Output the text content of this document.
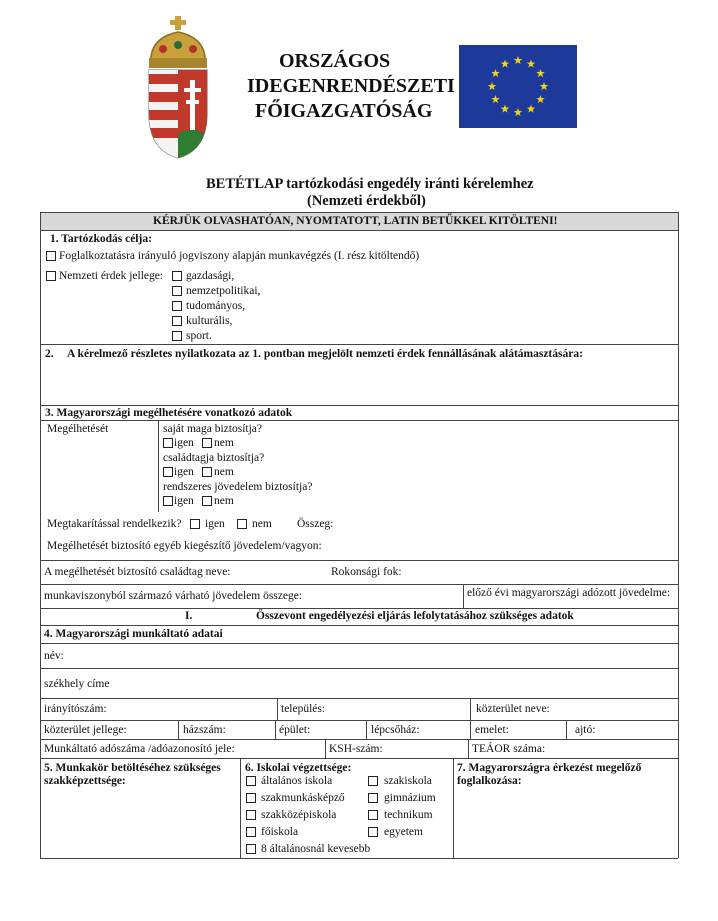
ORSZÁGOS
IDEGENRENDÉSZETI
FŐIGAZGATÓSÁG
BETÉTLAP tartózkodási engedély iránti kérelemhez
(Nemzeti érdekből)
KÉRJÜK OLVASHATÓAN, NYOMTATOTT, LATIN BETŰKKEL KITÖLTENI!
1. Tartózkodás célja:
Foglalkoztatásra irányuló jogviszony alapján munkavégzés (I. rész kitöltendő)
Nemzeti érdek jellege: gazdasági,
nemzetpolitikai,
tudományos,
kulturális,
sport.
2. A kérelmező részletes nyilatkozata az 1. pontban megjelölt nemzeti érdek fennállásának alátámasztására:
3. Magyarországi megélhetésére vonatkozó adatok
Megélhetését	saját maga biztosítja?
igen nem
családtagja biztosítja?
igen nem
rendszeres jövedelem biztosítja?
igen nem
Megtakarítással rendelkezik? igen nem Összeg:
Megélhetését biztosító egyéb kiegészítő jövedelem/vagyon:
A megélhetését biztosító családtag neve:	Rokonsági fok:
munkaviszonyból származó várható jövedelem összege:	előző évi magyarországi adózott jövedelme:
I.	Összevont engedélyezési eljárás lefolytatásához szükséges adatok
4. Magyarországi munkáltató adatai
név:
székhely címe
irányítószám:	település:	közterület neve:
közterület jellege:	házszám:	épület:	lépcsőház:	emelet:	ajtó:
Munkáltató adószáma /adóazonosító jele:	KSH-szám:	TEÁOR száma:
5. Munkakör betöltéséhez szükséges
szakképzettsége:
6. Iskolai végzettsége:
általános iskola
szakmunkásképző
szakközépiskola
főiskola
8 általánosnál kevesebb
szakiskola
gimnázium
technikum
egyetem
7. Magyarországra érkezést megelőző
foglalkozása:
